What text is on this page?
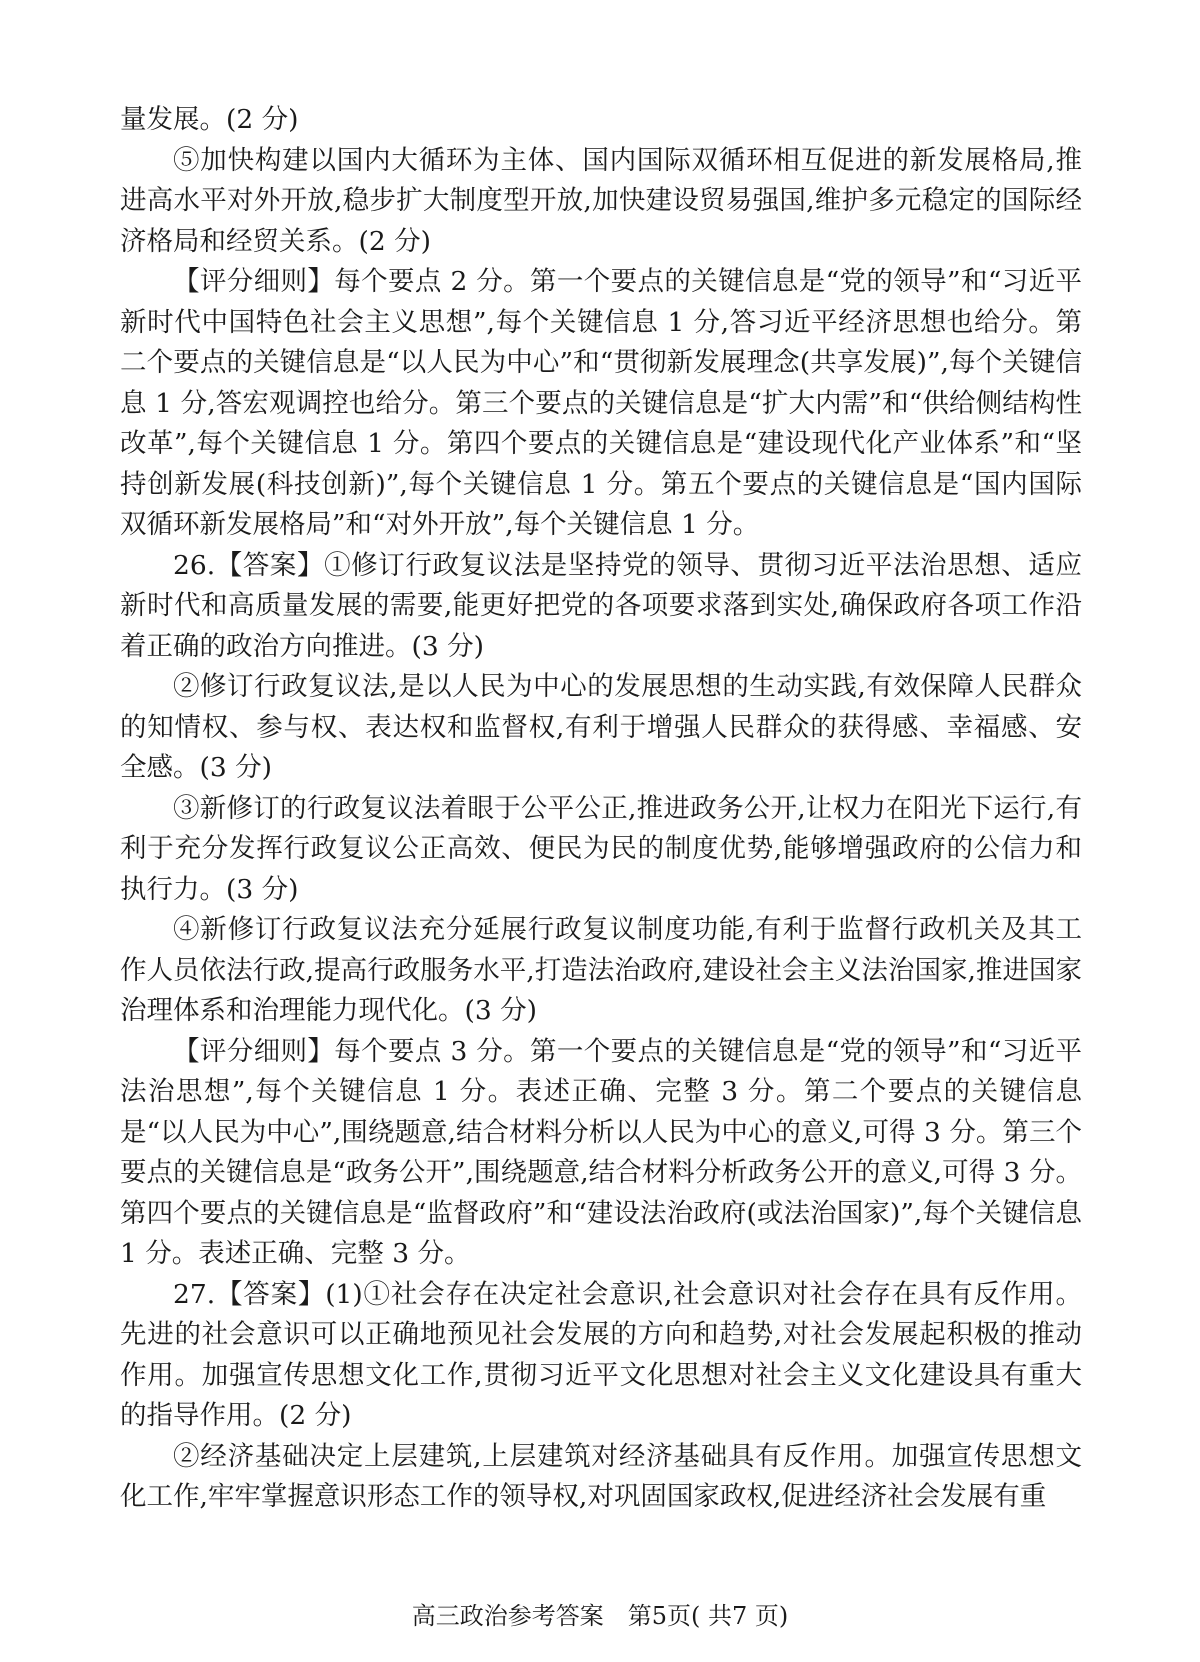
量发展。(2 分)

⑤加快构建以国内大循环为主体、国内国际双循环相互促进的新发展格局,推进高水平对外开放,稳步扩大制度型开放,加快建设贸易强国,维护多元稳定的国际经济格局和经贸关系。(2 分)

【评分细则】每个要点 2 分。第一个要点的关键信息是“党的领导”和“习近平新时代中国特色社会主义思想”,每个关键信息 1 分,答习近平经济思想也给分。第二个要点的关键信息是“以人民为中心”和“贯彻新发展理念(共享发展)”,每个关键信息 1 分,答宏观调控也给分。第三个要点的关键信息是“扩大内需”和“供给侧结构性改革”,每个关键信息 1 分。第四个要点的关键信息是“建设现代化产业体系”和“坚持创新发展(科技创新)”,每个关键信息 1 分。第五个要点的关键信息是“国内国际双循环新发展格局”和“对外开放”,每个关键信息 1 分。

26.【答案】①修订行政复议法是坚持党的领导、贯彻习近平法治思想、适应新时代和高质量发展的需要,能更好把党的各项要求落到实处,确保政府各项工作沿着正确的政治方向推进。(3 分)

②修订行政复议法,是以人民为中心的发展思想的生动实践,有效保障人民群众的知情权、参与权、表达权和监督权,有利于增强人民群众的获得感、幸福感、安全感。(3 分)

③新修订的行政复议法着眼于公平公正,推进政务公开,让权力在阳光下运行,有利于充分发挥行政复议公正高效、便民为民的制度优势,能够增强政府的公信力和执行力。(3 分)

④新修订行政复议法充分延展行政复议制度功能,有利于监督行政机关及其工作人员依法行政,提高行政服务水平,打造法治政府,建设社会主义法治国家,推进国家治理体系和治理能力现代化。(3 分)

【评分细则】每个要点 3 分。第一个要点的关键信息是“党的领导”和“习近平法治思想”,每个关键信息 1 分。表述正确、完整 3 分。第二个要点的关键信息是“以人民为中心”,围绕题意,结合材料分析以人民为中心的意义,可得 3 分。第三个要点的关键信息是“政务公开”,围绕题意,结合材料分析政务公开的意义,可得 3 分。第四个要点的关键信息是“监督政府”和“建设法治政府(或法治国家)”,每个关键信息 1 分。表述正确、完整 3 分。

27.【答案】(1)①社会存在决定社会意识,社会意识对社会存在具有反作用。先进的社会意识可以正确地预见社会发展的方向和趋势,对社会发展起积极的推动作用。加强宣传思想文化工作,贯彻习近平文化思想对社会主义文化建设具有重大的指导作用。(2 分)

②经济基础决定上层建筑,上层建筑对经济基础具有反作用。加强宣传思想文化工作,牢牢掌握意识形态工作的领导权,对巩固国家政权,促进经济社会发展有重

高三政治参考答案　第5页( 共7 页)
